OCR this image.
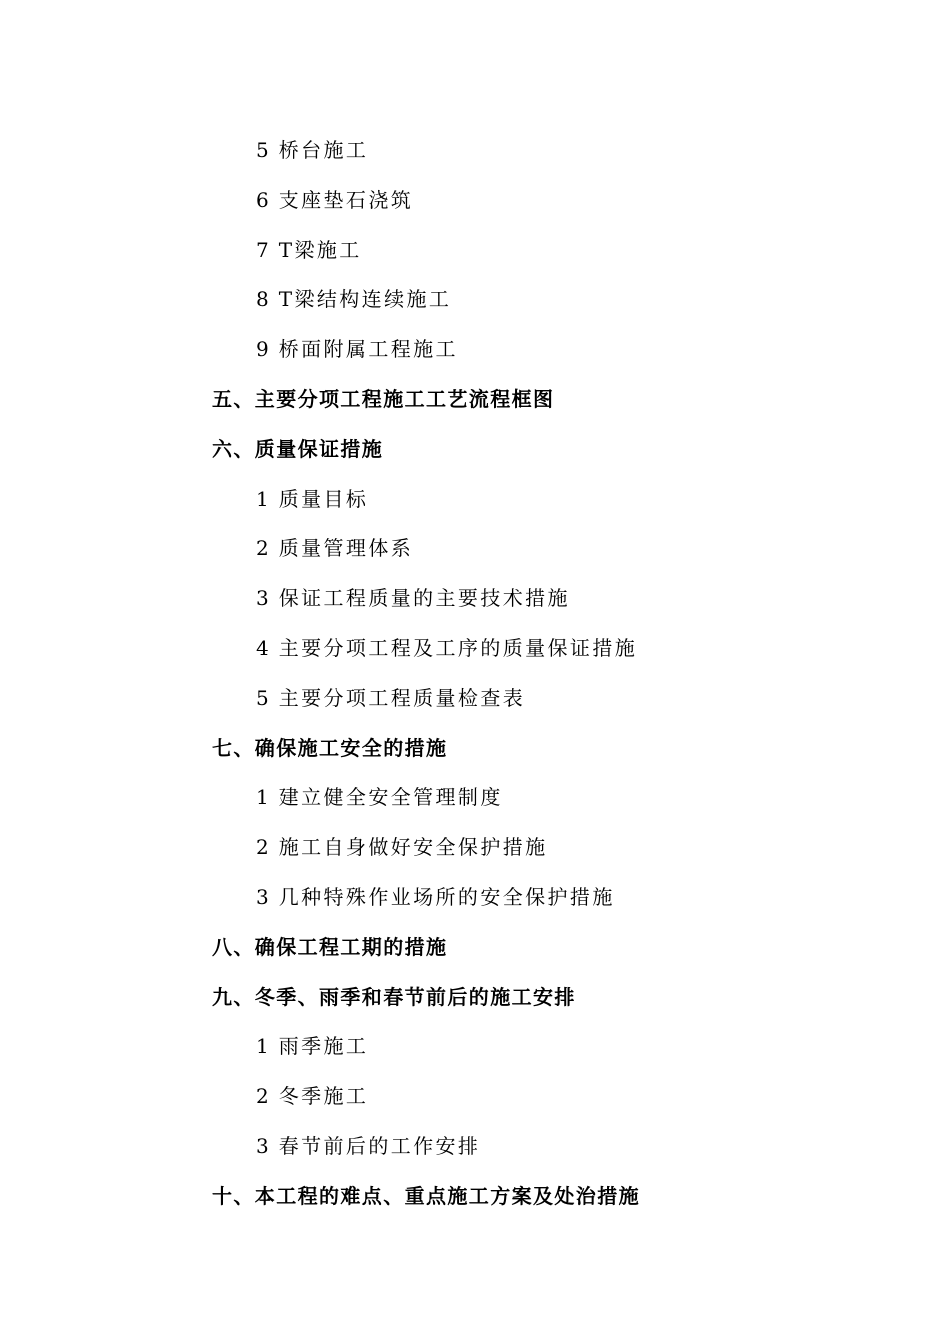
5 桥台施工
6 支座垫石浇筑
7 T梁施工
8 T梁结构连续施工
9 桥面附属工程施工
五、主要分项工程施工工艺流程框图
六、质量保证措施
1 质量目标
2 质量管理体系
3 保证工程质量的主要技术措施
4 主要分项工程及工序的质量保证措施
5 主要分项工程质量检查表
七、确保施工安全的措施
1 建立健全安全管理制度
2 施工自身做好安全保护措施
3 几种特殊作业场所的安全保护措施
八、确保工程工期的措施
九、冬季、雨季和春节前后的施工安排
1 雨季施工
2 冬季施工
3 春节前后的工作安排
十、本工程的难点、重点施工方案及处治措施
